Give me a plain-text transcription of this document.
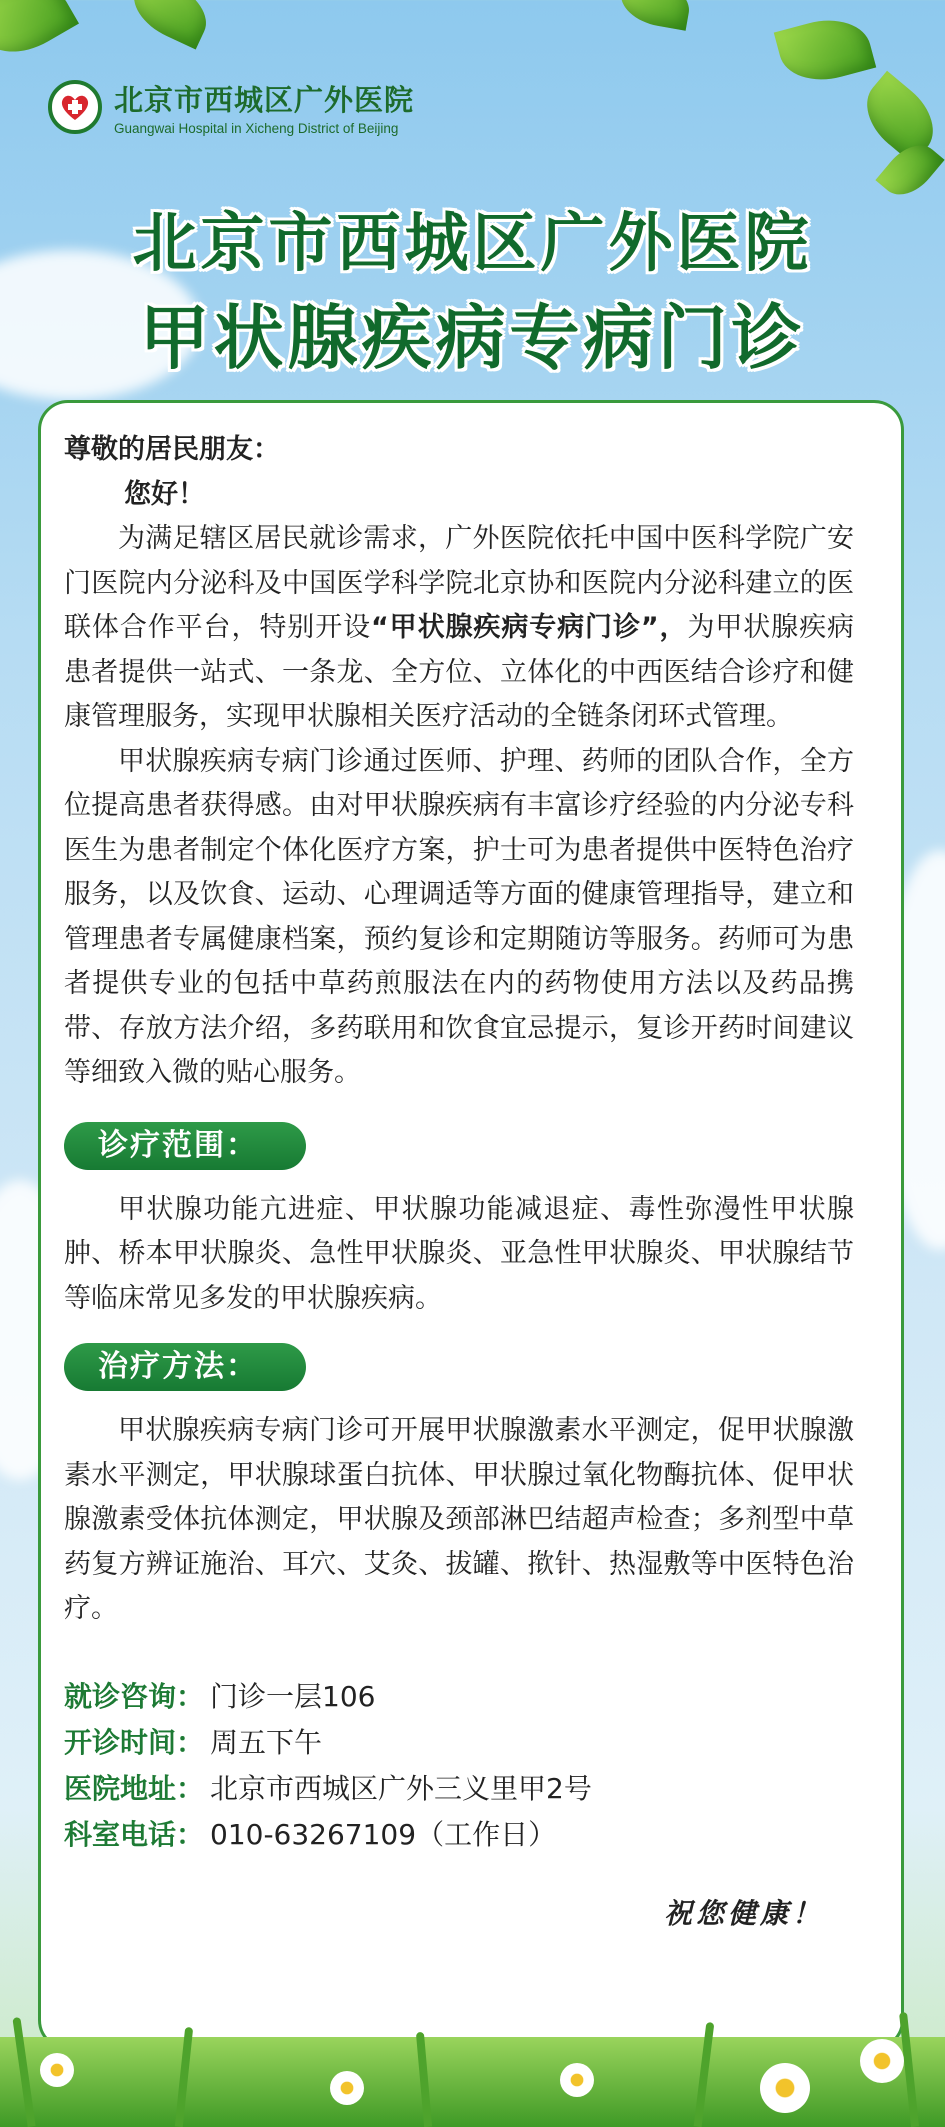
北京市西城区广外医院
Guangwai Hospital in Xicheng District of Beijing
北京市西城区广外医院
甲状腺疾病专病门诊

尊敬的居民朋友：

您好！

为满足辖区居民就诊需求，广外医院依托中国中医科学院广安门医院内分泌科及中国医学科学院北京协和医院内分泌科建立的医联体合作平台，特别开设“甲状腺疾病专病门诊”，为甲状腺疾病患者提供一站式、一条龙、全方位、立体化的中西医结合诊疗和健康管理服务，实现甲状腺相关医疗活动的全链条闭环式管理。

甲状腺疾病专病门诊通过医师、护理、药师的团队合作，全方位提高患者获得感。由对甲状腺疾病有丰富诊疗经验的内分泌专科医生为患者制定个体化医疗方案，护士可为患者提供中医特色治疗服务，以及饮食、运动、心理调适等方面的健康管理指导，建立和管理患者专属健康档案，预约复诊和定期随访等服务。药师可为患者提供专业的包括中草药煎服法在内的药物使用方法以及药品携带、存放方法介绍，多药联用和饮食宜忌提示，复诊开药时间建议等细致入微的贴心服务。

诊疗范围：

甲状腺功能亢进症、甲状腺功能减退症、毒性弥漫性甲状腺肿、桥本甲状腺炎、急性甲状腺炎、亚急性甲状腺炎、甲状腺结节等临床常见多发的甲状腺疾病。

治疗方法：

甲状腺疾病专病门诊可开展甲状腺激素水平测定，促甲状腺激素水平测定，甲状腺球蛋白抗体、甲状腺过氧化物酶抗体、促甲状腺激素受体抗体测定，甲状腺及颈部淋巴结超声检查；多剂型中草药复方辨证施治、耳穴、艾灸、拔罐、揿针、热湿敷等中医特色治疗。

就诊咨询： 门诊一层106
开诊时间： 周五下午
医院地址： 北京市西城区广外三义里甲2号
科室电话： 010-63267109（工作日）
祝您健康！
